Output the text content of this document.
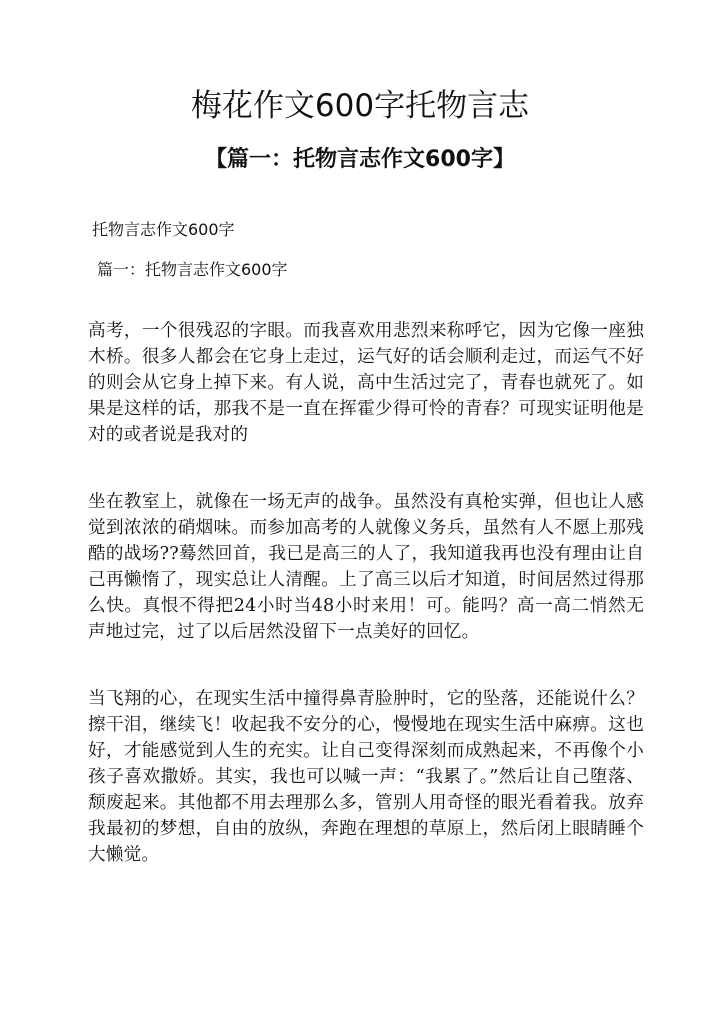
梅花作文600字托物言志
【篇一：托物言志作文600字】

托物言志作文600字

篇一：托物言志作文600字

高考，一个很残忍的字眼。而我喜欢用悲烈来称呼它，因为它像一座独木桥。很多人都会在它身上走过，运气好的话会顺利走过，而运气不好的则会从它身上掉下来。有人说，高中生活过完了，青春也就死了。如果是这样的话，那我不是一直在挥霍少得可怜的青春？可现实证明他是对的或者说是我对的

坐在教室上，就像在一场无声的战争。虽然没有真枪实弹，但也让人感觉到浓浓的硝烟味。而参加高考的人就像义务兵，虽然有人不愿上那残酷的战场??蓦然回首，我已是高三的人了，我知道我再也没有理由让自己再懒惰了，现实总让人清醒。上了高三以后才知道，时间居然过得那么快。真恨不得把24小时当48小时来用！可。能吗？高一高二悄然无声地过完，过了以后居然没留下一点美好的回忆。

当飞翔的心，在现实生活中撞得鼻青脸肿时，它的坠落，还能说什么？擦干泪，继续飞！收起我不安分的心，慢慢地在现实生活中麻痹。这也好，才能感觉到人生的充实。让自己变得深刻而成熟起来，不再像个小孩子喜欢撒娇。其实，我也可以喊一声：“我累了。”然后让自己堕落、颓废起来。其他都不用去理那么多，管别人用奇怪的眼光看着我。放弃我最初的梦想，自由的放纵，奔跑在理想的草原上，然后闭上眼睛睡个大懒觉。
